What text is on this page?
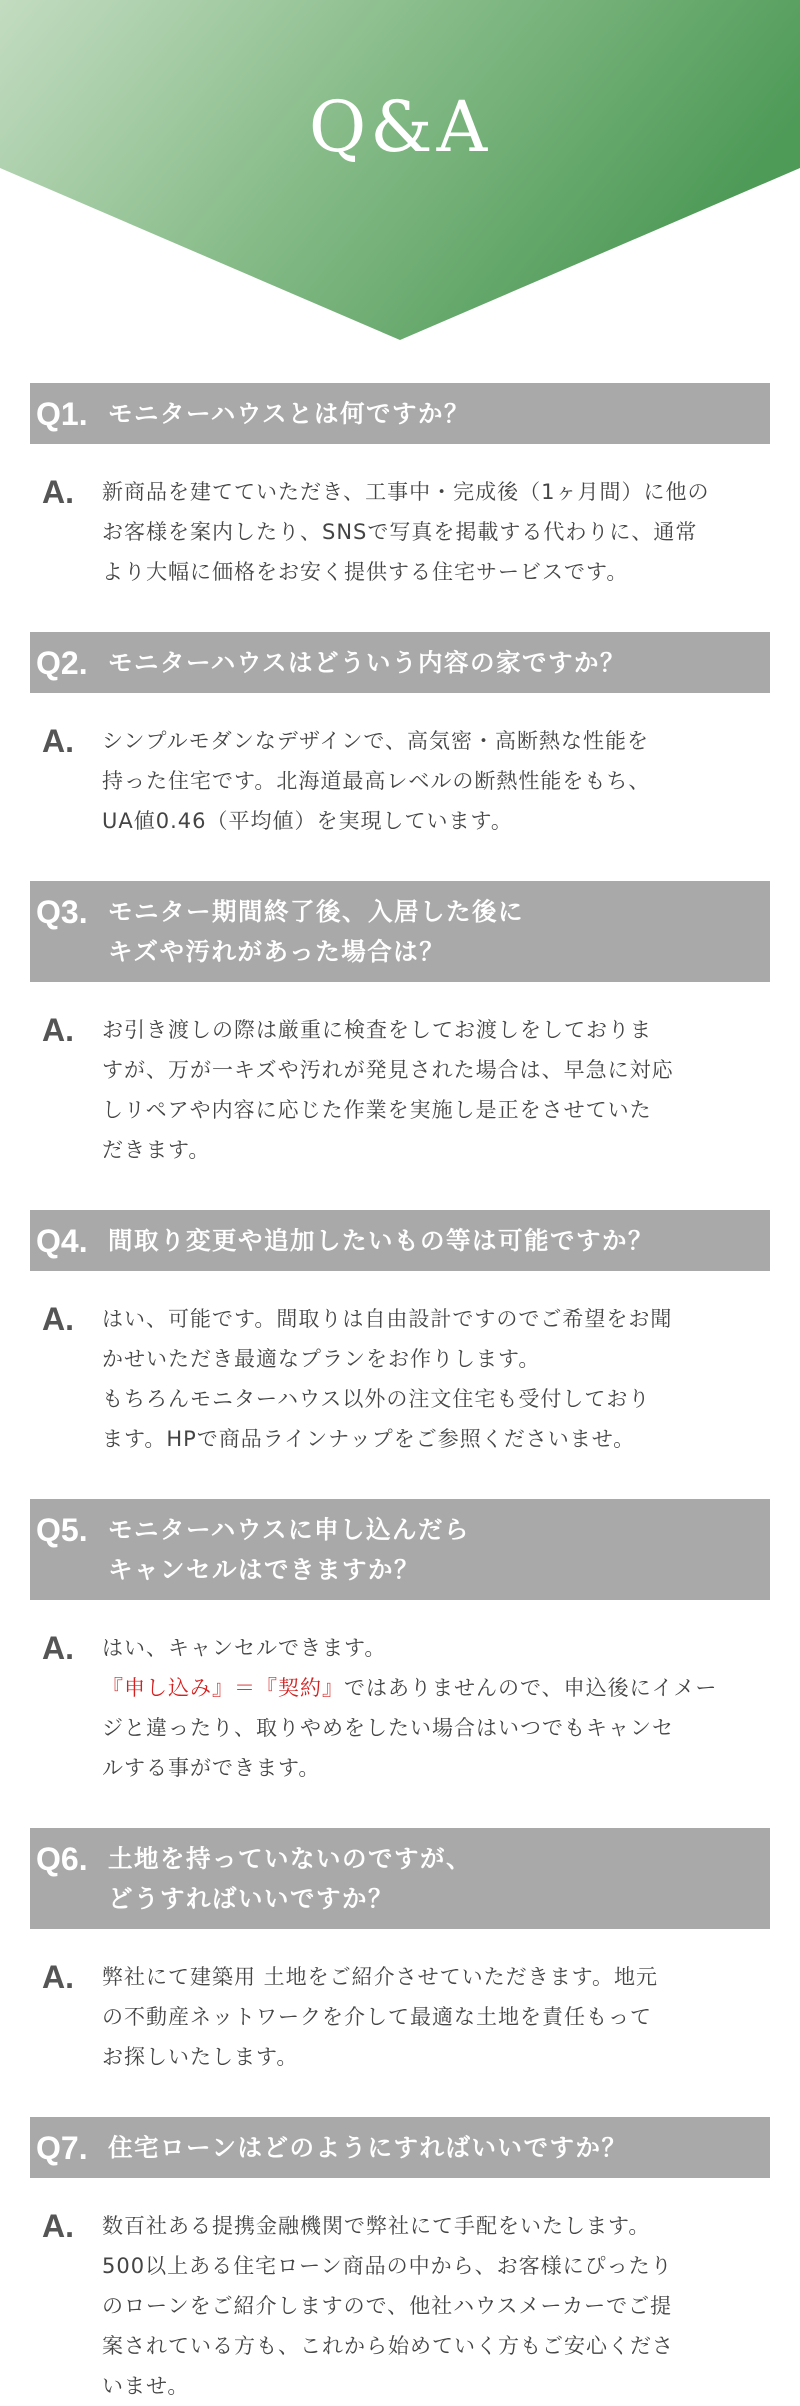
Q&A
Q1. モニターハウスとは何ですか？
A.	新商品を建てていただき、工事中・完成後（1ヶ月間）に他の
お客様を案内したり、SNSで写真を掲載する代わりに、通常
より大幅に価格をお安く提供する住宅サービスです。
Q2. モニターハウスはどういう内容の家ですか？
A.	シンプルモダンなデザインで、高気密・高断熱な性能を
持った住宅です。北海道最高レベルの断熱性能をもち、
UA値0.46（平均値）を実現しています。
Q3. モニター期間終了後、入居した後に
キズや汚れがあった場合は？
A.	お引き渡しの際は厳重に検査をしてお渡しをしておりま
すが、万が一キズや汚れが発見された場合は、早急に対応
しリペアや内容に応じた作業を実施し是正をさせていた
だきます。
Q4. 間取り変更や追加したいもの等は可能ですか？
A.	はい、可能です。間取りは自由設計ですのでご希望をお聞
かせいただき最適なプランをお作りします。
もちろんモニターハウス以外の注文住宅も受付しており
ます。HPで商品ラインナップをご参照くださいませ。
Q5. モニターハウスに申し込んだら
キャンセルはできますか？
A.	はい、キャンセルできます。
『申し込み』＝『契約』ではありませんので、申込後にイメー
ジと違ったり、取りやめをしたい場合はいつでもキャンセ
ルする事ができます。
Q6. 土地を持っていないのですが、
どうすればいいですか？
A.	弊社にて建築用 土地をご紹介させていただきます。地元
の不動産ネットワークを介して最適な土地を責任もって
お探しいたします。
Q7. 住宅ローンはどのようにすればいいですか？
A.	数百社ある提携金融機関で弊社にて手配をいたします。
500以上ある住宅ローン商品の中から、お客様にぴったり
のローンをご紹介しますので、他社ハウスメーカーでご提
案されている方も、これから始めていく方もご安心くださ
いませ。
